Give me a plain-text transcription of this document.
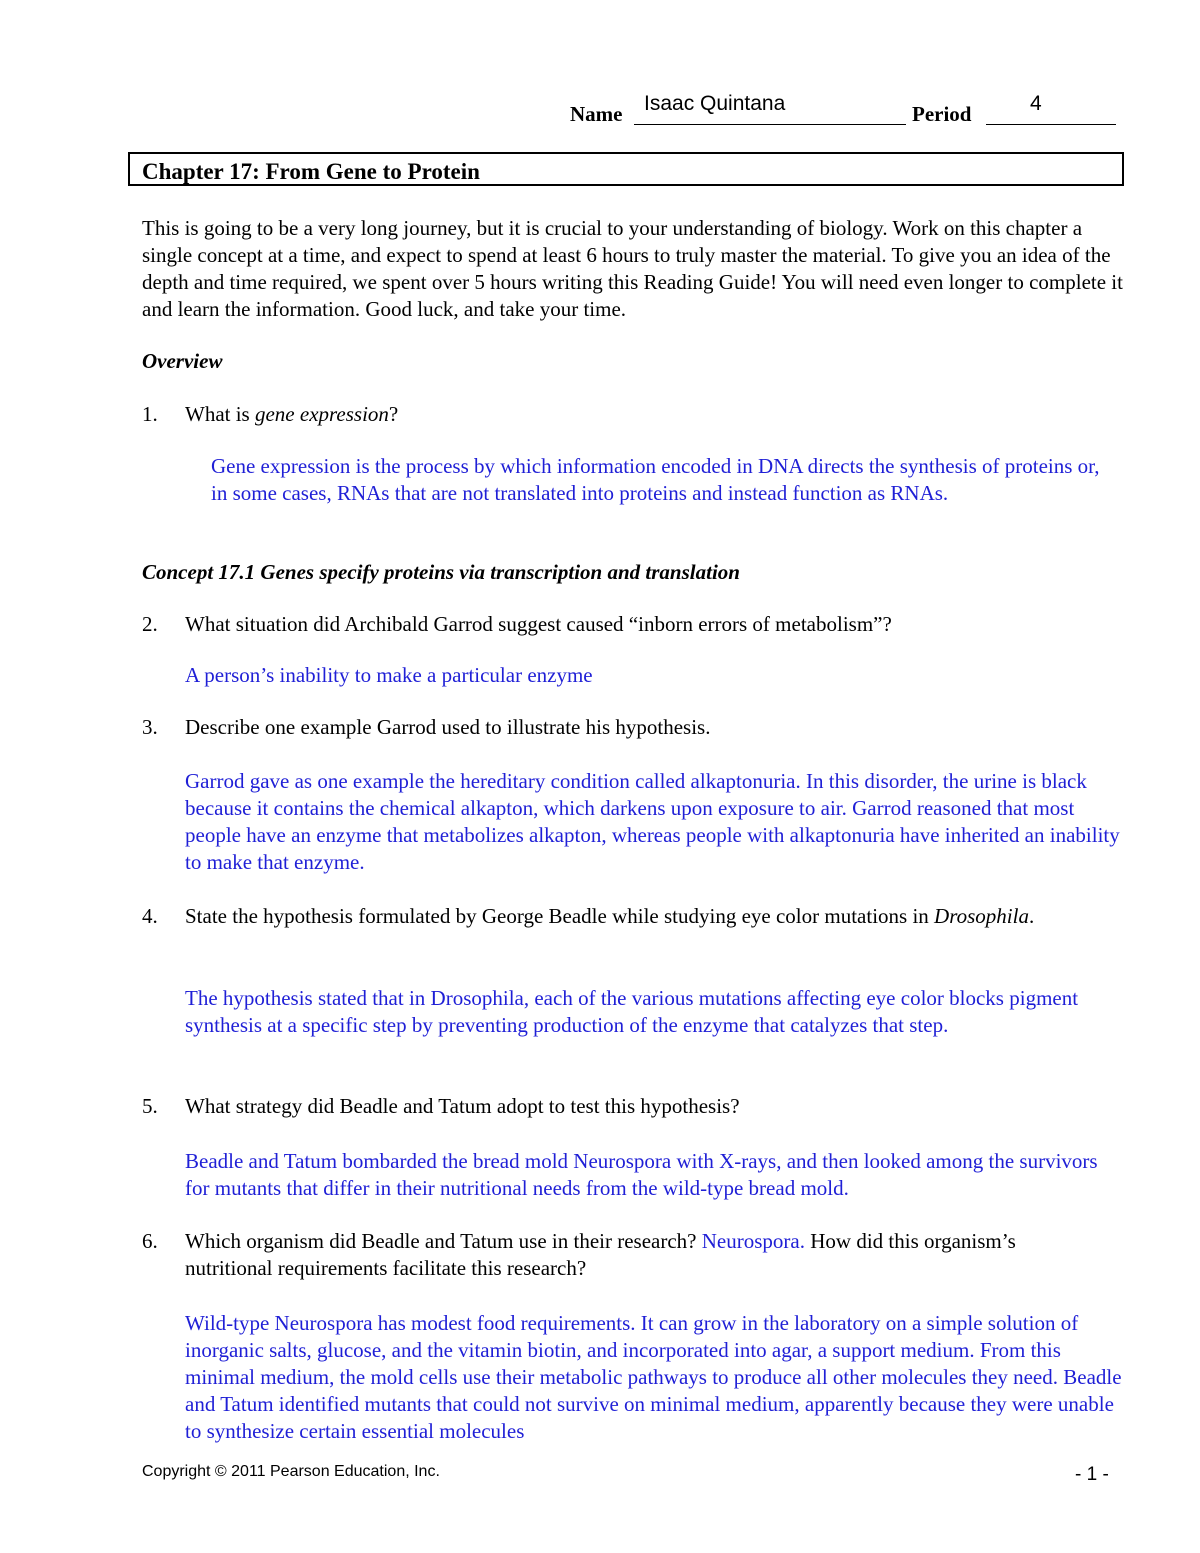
Name Isaac Quintana	Period	4
Chapter 17: From Gene to Protein

This is going to be a very long journey, but it is crucial to your understanding of biology. Work on this chapter a single concept at a time, and expect to spend at least 6 hours to truly master the material. To give you an idea of the depth and time required, we spent over 5 hours writing this Reading Guide! You will need even longer to complete it and learn the information. Good luck, and take your time.

Overview
1. What is gene expression?

Gene expression is the process by which information encoded in DNA directs the synthesis of proteins or, in some cases, RNAs that are not translated into proteins and instead function as RNAs.

Concept 17.1 Genes specify proteins via transcription and translation
2. What situation did Archibald Garrod suggest caused “inborn errors of metabolism”?

A person’s inability to make a particular enzyme

3. Describe one example Garrod used to illustrate his hypothesis.

Garrod gave as one example the hereditary condition called alkaptonuria. In this disorder, the urine is black because it contains the chemical alkapton, which darkens upon exposure to air. Garrod reasoned that most people have an enzyme that metabolizes alkapton, whereas people with alkaptonuria have inherited an inability to make that enzyme.

4. State the hypothesis formulated by George Beadle while studying eye color mutations in Drosophila.

The hypothesis stated that in Drosophila, each of the various mutations affecting eye color blocks pigment synthesis at a specific step by preventing production of the enzyme that catalyzes that step.

5. What strategy did Beadle and Tatum adopt to test this hypothesis?

Beadle and Tatum bombarded the bread mold Neurospora with X-rays, and then looked among the survivors for mutants that differ in their nutritional needs from the wild-type bread mold.

6. Which organism did Beadle and Tatum use in their research? Neurospora. How did this organism’s nutritional requirements facilitate this research?

Wild-type Neurospora has modest food requirements. It can grow in the laboratory on a simple solution of inorganic salts, glucose, and the vitamin biotin, and incorporated into agar, a support medium. From this minimal medium, the mold cells use their metabolic pathways to produce all other molecules they need. Beadle and Tatum identified mutants that could not survive on minimal medium, apparently because they were unable to synthesize certain essential molecules

Copyright © 2011 Pearson Education, Inc.	- 1 -
